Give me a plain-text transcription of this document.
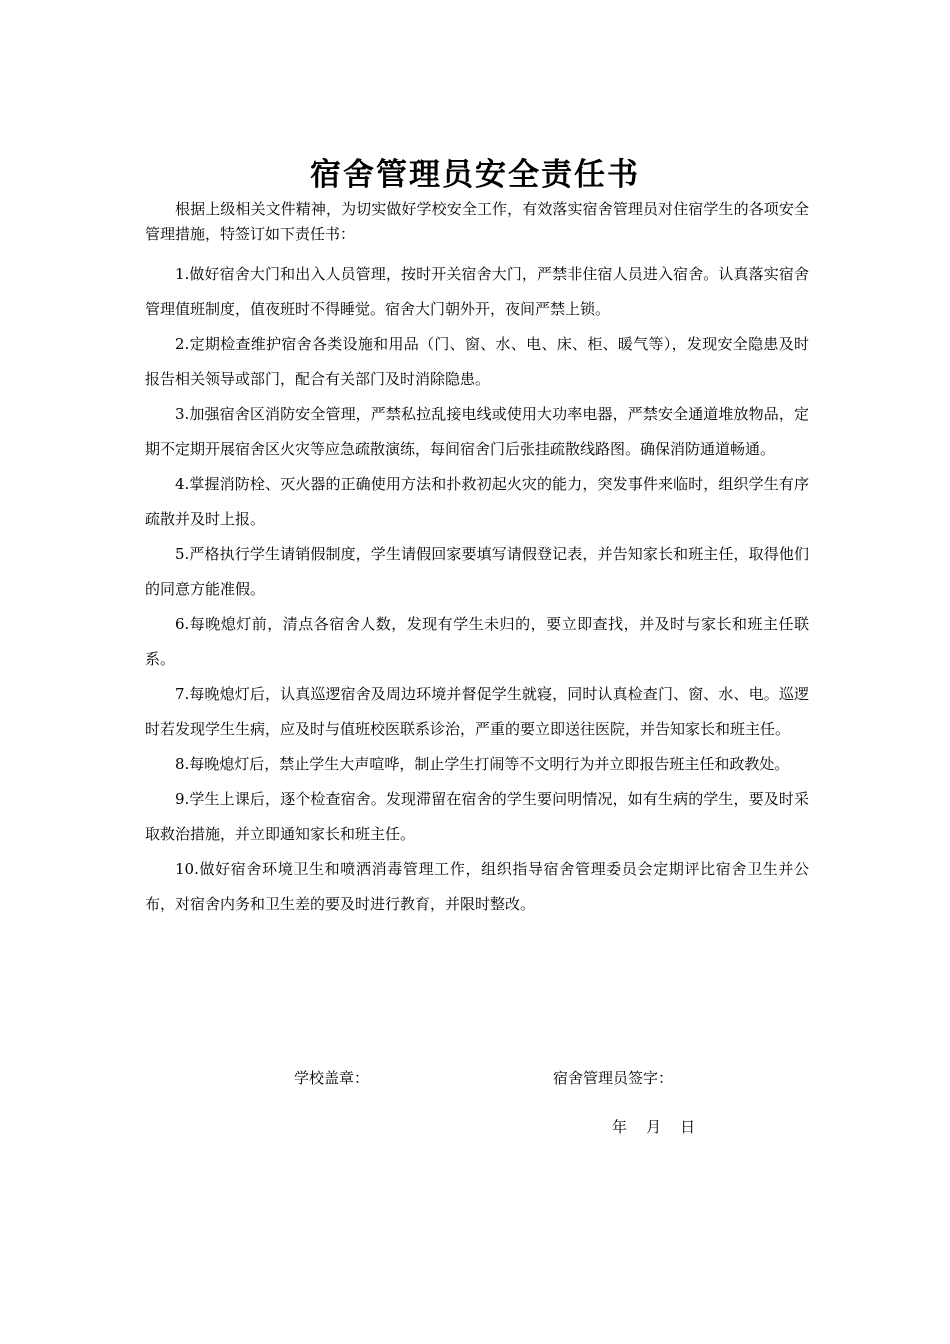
宿舍管理员安全责任书

根据上级相关文件精神，为切实做好学校安全工作，有效落实宿舍管理员对住宿学生的各项安全管理措施，特签订如下责任书：

1.做好宿舍大门和出入人员管理，按时开关宿舍大门，严禁非住宿人员进入宿舍。认真落实宿舍管理值班制度，值夜班时不得睡觉。宿舍大门朝外开，夜间严禁上锁。

2.定期检查维护宿舍各类设施和用品（门、窗、水、电、床、柜、暖气等），发现安全隐患及时报告相关领导或部门，配合有关部门及时消除隐患。

3.加强宿舍区消防安全管理，严禁私拉乱接电线或使用大功率电器，严禁安全通道堆放物品，定期不定期开展宿舍区火灾等应急疏散演练，每间宿舍门后张挂疏散线路图。确保消防通道畅通。

4.掌握消防栓、灭火器的正确使用方法和扑救初起火灾的能力，突发事件来临时，组织学生有序疏散并及时上报。

5.严格执行学生请销假制度，学生请假回家要填写请假登记表，并告知家长和班主任，取得他们的同意方能准假。

6.每晚熄灯前，清点各宿舍人数，发现有学生未归的，要立即查找，并及时与家长和班主任联系。

7.每晚熄灯后，认真巡逻宿舍及周边环境并督促学生就寝，同时认真检查门、窗、水、电。巡逻时若发现学生生病，应及时与值班校医联系诊治，严重的要立即送往医院，并告知家长和班主任。

8.每晚熄灯后，禁止学生大声喧哗，制止学生打闹等不文明行为并立即报告班主任和政教处。

9.学生上课后，逐个检查宿舍。发现滞留在宿舍的学生要问明情况，如有生病的学生，要及时采取救治措施，并立即通知家长和班主任。

10.做好宿舍环境卫生和喷洒消毒管理工作，组织指导宿舍管理委员会定期评比宿舍卫生并公布，对宿舍内务和卫生差的要及时进行教育，并限时整改。

学校盖章：	宿舍管理员签字：

年    月    日
